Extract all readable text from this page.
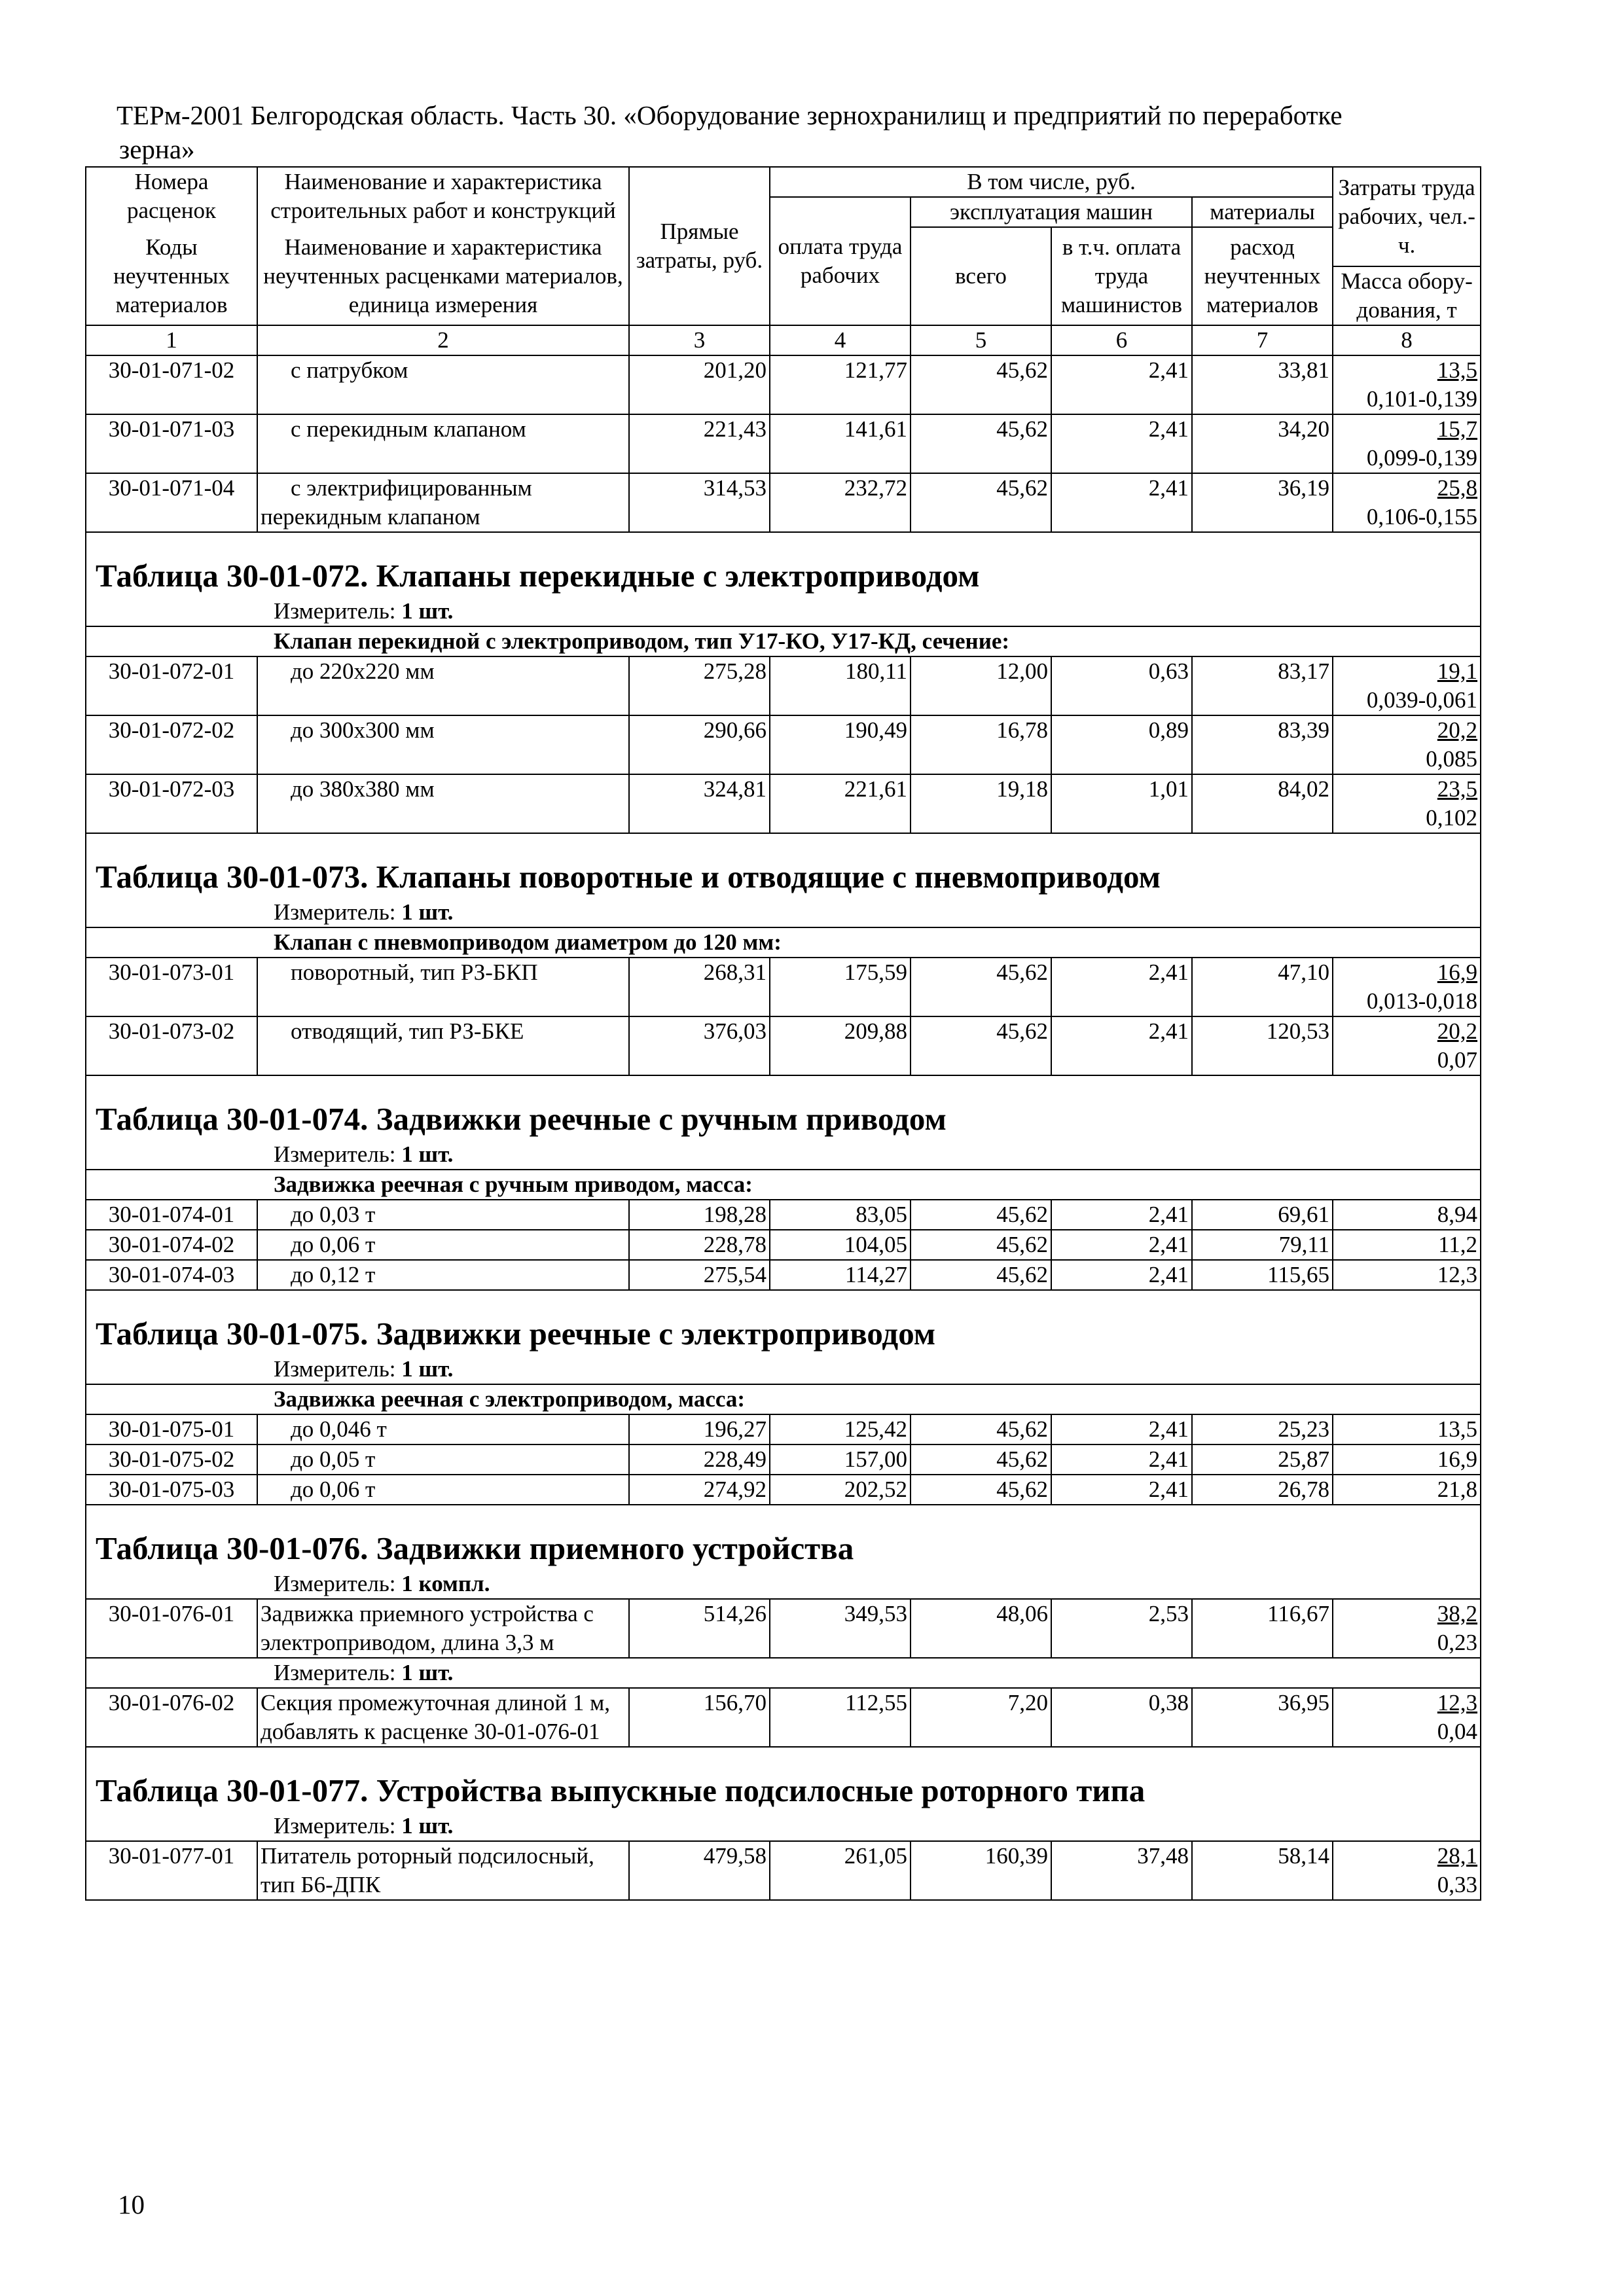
ТЕРм-2001 Белгородская область. Часть 30. «Оборудование зернохранилищ и предприятий по переработке
зерна»
Номера расценок	Наименование и характеристика строительных работ и конструкций	Прямые затраты, руб.	В том числе, руб.				Затраты труда рабочих, чел.-ч.
			оплата труда рабочих	эксплуатация машин		материалы	
Коды неучтенных материалов	Наименование и характеристика неучтенных расценками материалов, единица измерения			всего	в т.ч. оплата труда машинистов	расход неучтенных материалов	
							Масса обору-дования, т
1	2	3	4	5	6	7	8
30-01-071-02	с патрубком	201,20	121,77	45,62	2,41	33,81	13,5
0,101-0,139
30-01-071-03	с перекидным клапаном	221,43	141,61	45,62	2,41	34,20	15,7
0,099-0,139
30-01-071-04	с электрифицированным перекидным клапаном	314,53	232,72	45,62	2,41	36,19	25,8
0,106-0,155
Таблица 30-01-072. Клапаны перекидные с электроприводом							
Измеритель: 1 шт.							
Клапан перекидной с электроприводом, тип У17-КО, У17-КД, сечение:							
30-01-072-01	до 220х220 мм	275,28	180,11	12,00	0,63	83,17	19,1
0,039-0,061
30-01-072-02	до 300х300 мм	290,66	190,49	16,78	0,89	83,39	20,2
0,085
30-01-072-03	до 380х380 мм	324,81	221,61	19,18	1,01	84,02	23,5
0,102
Таблица 30-01-073. Клапаны поворотные и отводящие с пневмоприводом							
Измеритель: 1 шт.							
Клапан с пневмоприводом диаметром до 120 мм:							
30-01-073-01	поворотный, тип РЗ-БКП	268,31	175,59	45,62	2,41	47,10	16,9
0,013-0,018
30-01-073-02	отводящий, тип РЗ-БКЕ	376,03	209,88	45,62	2,41	120,53	20,2
0,07
Таблица 30-01-074. Задвижки реечные с ручным приводом							
Измеритель: 1 шт.							
Задвижка реечная с ручным приводом, масса:							
30-01-074-01	до 0,03 т	198,28	83,05	45,62	2,41	69,61	8,94
30-01-074-02	до 0,06 т	228,78	104,05	45,62	2,41	79,11	11,2
30-01-074-03	до 0,12 т	275,54	114,27	45,62	2,41	115,65	12,3
Таблица 30-01-075. Задвижки реечные с электроприводом							
Измеритель: 1 шт.							
Задвижка реечная с электроприводом, масса:							
30-01-075-01	до 0,046 т	196,27	125,42	45,62	2,41	25,23	13,5
30-01-075-02	до 0,05 т	228,49	157,00	45,62	2,41	25,87	16,9
30-01-075-03	до 0,06 т	274,92	202,52	45,62	2,41	26,78	21,8
Таблица 30-01-076. Задвижки приемного устройства							
Измеритель: 1 компл.							
30-01-076-01	Задвижка приемного устройства с электроприводом, длина 3,3 м	514,26	349,53	48,06	2,53	116,67	38,2
0,23
Измеритель: 1 шт.							
30-01-076-02	Секция промежуточная длиной 1 м, добавлять к расценке 30-01-076-01	156,70	112,55	7,20	0,38	36,95	12,3
0,04
Таблица 30-01-077. Устройства выпускные подсилосные роторного типа							
Измеритель: 1 шт.							
30-01-077-01	Питатель роторный подсилосный, тип Б6-ДПК	479,58	261,05	160,39	37,48	58,14	28,1
0,33
10
